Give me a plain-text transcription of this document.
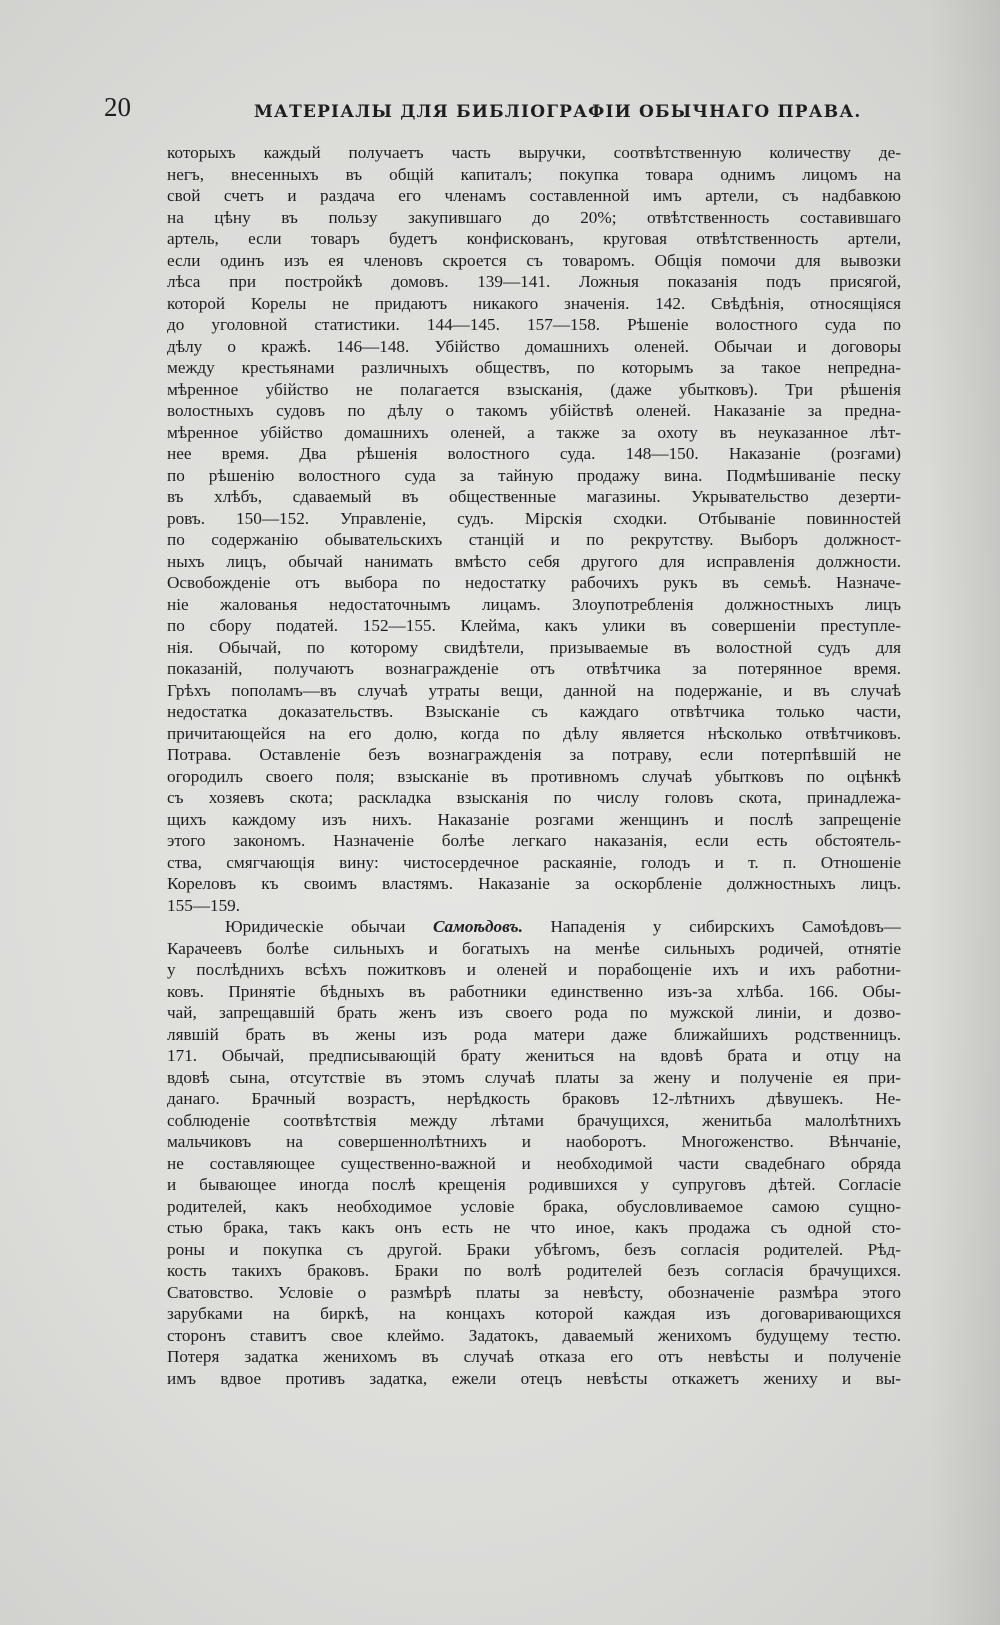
20	МАТЕРІАЛЫ ДЛЯ БИБЛІОГРАФІИ ОБЫЧНАГО ПРАВА.
которыхъ каждый получаетъ часть выручки, соотвѣтственную количеству де-
негъ, внесенныхъ въ общій капиталъ; покупка товара однимъ лицомъ на
свой счетъ и раздача его членамъ составленной имъ артели, съ надбавкою
на цѣну въ пользу закупившаго до 20%; отвѣтственность составившаго
артель, если товаръ будетъ конфискованъ, круговая отвѣтственность артели,
если одинъ изъ ея членовъ скроется съ товаромъ. Общія помочи для вывозки
лѣса при постройкѣ домовъ. 139—141. Ложныя показанія подъ присягой,
которой Корелы не придаютъ никакого значенія. 142. Свѣдѣнія, относящіяся
до уголовной статистики. 144—145. 157—158. Рѣшеніе волостного суда по
дѣлу о кражѣ. 146—148. Убійство домашнихъ оленей. Обычаи и договоры
между крестьянами различныхъ обществъ, по которымъ за такое непредна-
мѣренное убійство не полагается взысканія, (даже убытковъ). Три рѣшенія
волостныхъ судовъ по дѣлу о такомъ убійствѣ оленей. Наказаніе за предна-
мѣренное убійство домашнихъ оленей, а также за охоту въ неуказанное лѣт-
нее время. Два рѣшенія волостного суда. 148—150. Наказаніе (розгами)
по рѣшенію волостного суда за тайную продажу вина. Подмѣшиваніе песку
въ хлѣбъ, сдаваемый въ общественные магазины. Укрывательство дезерти-
ровъ. 150—152. Управленіе, судъ. Мірскія сходки. Отбываніе повинностей
по содержанію обывательскихъ станцій и по рекрутству. Выборъ должност-
ныхъ лицъ, обычай нанимать вмѣсто себя другого для исправленія должности.
Освобожденіе отъ выбора по недостатку рабочихъ рукъ въ семьѣ. Назначе-
ніе жалованья недостаточнымъ лицамъ. Злоупотребленія должностныхъ лицъ
по сбору податей. 152—155. Клейма, какъ улики въ совершеніи преступле-
нія. Обычай, по которому свидѣтели, призываемые въ волостной судъ для
показаній, получаютъ вознагражденіе отъ отвѣтчика за потерянное время.
Грѣхъ пополамъ—въ случаѣ утраты вещи, данной на подержаніе, и въ случаѣ
недостатка доказательствъ. Взысканіе съ каждаго отвѣтчика только части,
причитающейся на его долю, когда по дѣлу является нѣсколько отвѣтчиковъ.
Потрава. Оставленіе безъ вознагражденія за потраву, если потерпѣвшій не
огородилъ своего поля; взысканіе въ противномъ случаѣ убытковъ по оцѣнкѣ
съ хозяевъ скота; раскладка взысканія по числу головъ скота, принадлежа-
щихъ каждому изъ нихъ. Наказаніе розгами женщинъ и послѣ запрещеніе
этого закономъ. Назначеніе болѣе легкаго наказанія, если есть обстоятель-
ства, смягчающія вину: чистосердечное раскаяніе, голодъ и т. п. Отношеніе
Кореловъ къ своимъ властямъ. Наказаніе за оскорбленіе должностныхъ лицъ.
155—159.
Юридическіе обычаи Самоѣдовъ. Нападенія у сибирскихъ Самоѣдовъ—
Карачеевъ болѣе сильныхъ и богатыхъ на менѣе сильныхъ родичей, отнятіе
у послѣднихъ всѣхъ пожитковъ и оленей и порабощеніе ихъ и ихъ работни-
ковъ. Принятіе бѣдныхъ въ работники единственно изъ-за хлѣба. 166. Обы-
чай, запрещавшій брать женъ изъ своего рода по мужской линіи, и дозво-
лявшій брать въ жены изъ рода матери даже ближайшихъ родственницъ.
171. Обычай, предписывающій брату жениться на вдовѣ брата и отцу на
вдовѣ сына, отсутствіе въ этомъ случаѣ платы за жену и полученіе ея при-
данаго. Брачный возрастъ, нерѣдкость браковъ 12-лѣтнихъ дѣвушекъ. Не-
соблюденіе соотвѣтствія между лѣтами брачущихся, женитьба малолѣтнихъ
мальчиковъ на совершеннолѣтнихъ и наоборотъ. Многоженство. Вѣнчаніе,
не составляющее существенно-важной и необходимой части свадебнаго обряда
и бывающее иногда послѣ крещенія родившихся у супруговъ дѣтей. Согласіе
родителей, какъ необходимое условіе брака, обусловливаемое самою сущно-
стью брака, такъ какъ онъ есть не что иное, какъ продажа съ одной сто-
роны и покупка съ другой. Браки убѣгомъ, безъ согласія родителей. Рѣд-
кость такихъ браковъ. Браки по волѣ родителей безъ согласія брачущихся.
Сватовство. Условіе о размѣрѣ платы за невѣсту, обозначеніе размѣра этого
зарубками на биркѣ, на концахъ которой каждая изъ договаривающихся
сторонъ ставитъ свое клеймо. Задатокъ, даваемый женихомъ будущему тестю.
Потеря задатка женихомъ въ случаѣ отказа его отъ невѣсты и полученіе
имъ вдвое противъ задатка, ежели отецъ невѣсты откажетъ жениху и вы-
